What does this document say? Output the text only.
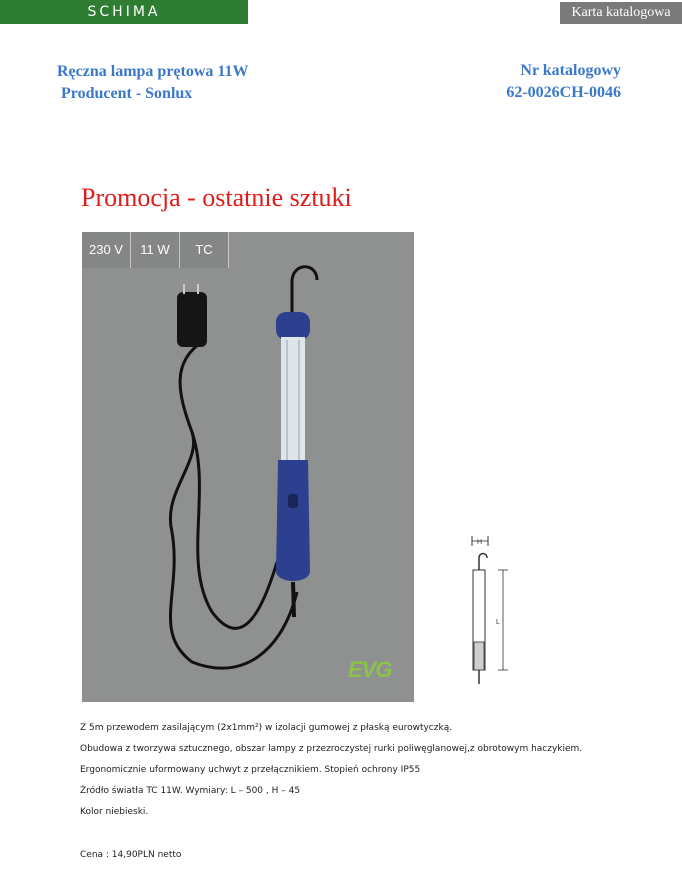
SCHIMA	Karta katalogowa
Ręczna lampa prętowa 11W
Producent - Sonlux
Nr katalogowy
62-0026CH-0046
Promocja - ostatnie sztuki
230 V	11 W	TC
EVG
H
L
Z 5m przewodem zasilającym (2x1mm²) w izolacji gumowej z płaską eurowtyczką.
Obudowa z tworzywa sztucznego, obszar lampy z przezroczystej rurki poliwęglanowej,z obrotowym haczykiem.
Ergonomicznie uformowany uchwyt z przełącznikiem. Stopień ochrony IP55
Źródło światła TC 11W. Wymiary: L – 500 , H – 45
Kolor niebieski.
Cena : 14,90PLN netto
